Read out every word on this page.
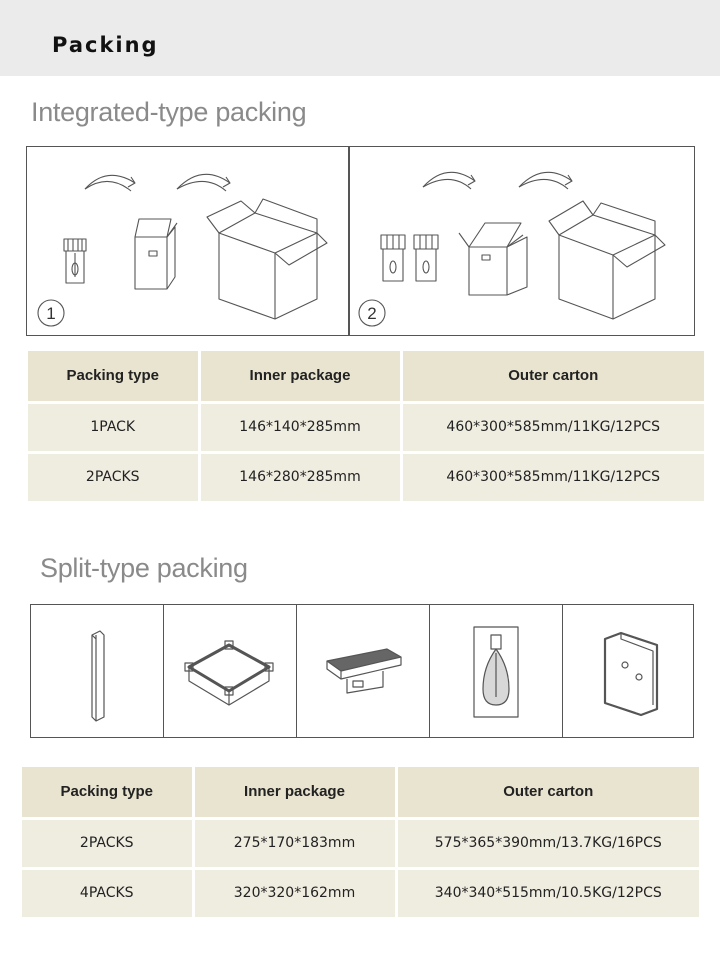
Packing
Integrated-type packing
1	2
Packing type	Inner package	Outer carton
1PACK	146*140*285mm	460*300*585mm/11KG/12PCS
2PACKS	146*280*285mm	460*300*585mm/11KG/12PCS
Split-type packing
Packing type	Inner package	Outer carton
2PACKS	275*170*183mm	575*365*390mm/13.7KG/16PCS
4PACKS	320*320*162mm	340*340*515mm/10.5KG/12PCS
